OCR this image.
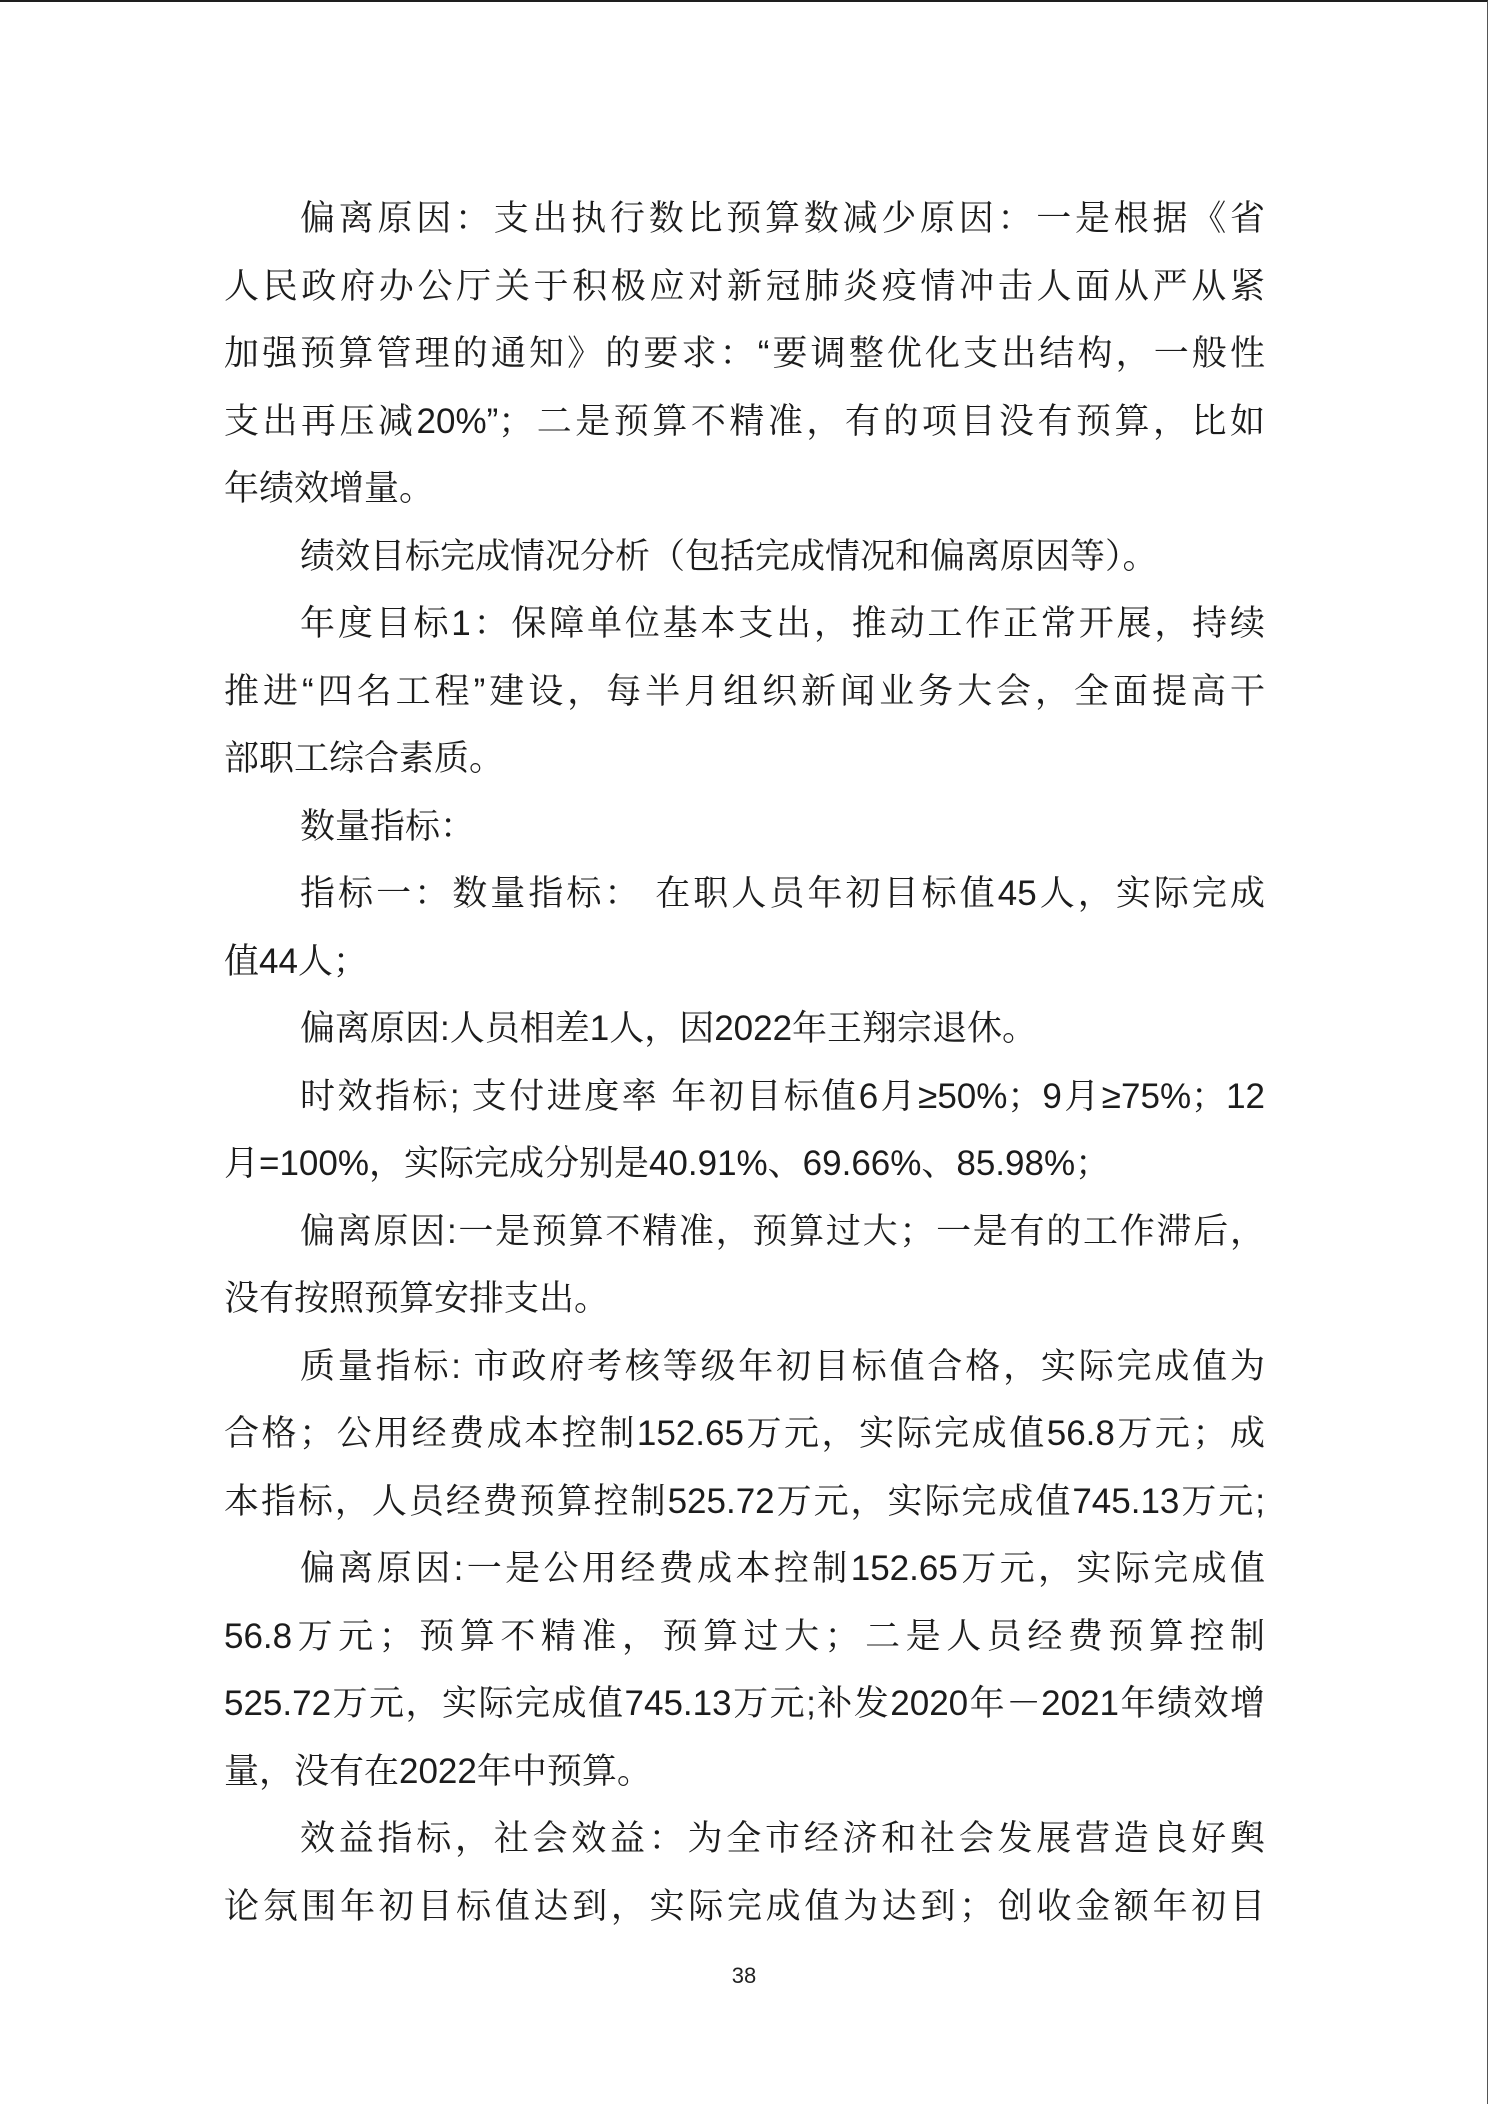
偏离原因：支出执行数比预算数减少原因：一是根据《省
人民政府办公厅关于积极应对新冠肺炎疫情冲击人面从严从紧
加强预算管理的通知》的要求：“要调整优化支出结构，一般性
支出再压减20%”；二是预算不精准，有的项目没有预算，比如
年绩效增量。
绩效目标完成情况分析（包括完成情况和偏离原因等）。
年度目标1：保障单位基本支出，推动工作正常开展，持续
推进“四名工程”建设，每半月组织新闻业务大会，全面提高干
部职工综合素质。
数量指标：
指标一：数量指标： 在职人员年初目标值45人，实际完成
值44人；
偏离原因:人员相差1人，因2022年王翔宗退休。
时效指标; 支付进度率 年初目标值6月≥50%；9月≥75%；12
月=100%，实际完成分别是40.91%、69.66%、85.98%；
偏离原因:一是预算不精准，预算过大；一是有的工作滞后，
没有按照预算安排支出。
质量指标: 市政府考核等级年初目标值合格，实际完成值为
合格；公用经费成本控制152.65万元，实际完成值56.8万元；成
本指标，人员经费预算控制525.72万元，实际完成值745.13万元;
偏离原因:一是公用经费成本控制152.65万元，实际完成值
56.8万元；预算不精准，预算过大；二是人员经费预算控制
525.72万元，实际完成值745.13万元;补发2020年－2021年绩效增
量，没有在2022年中预算。
效益指标，社会效益：为全市经济和社会发展营造良好舆
论氛围年初目标值达到，实际完成值为达到；创收金额年初目
38
